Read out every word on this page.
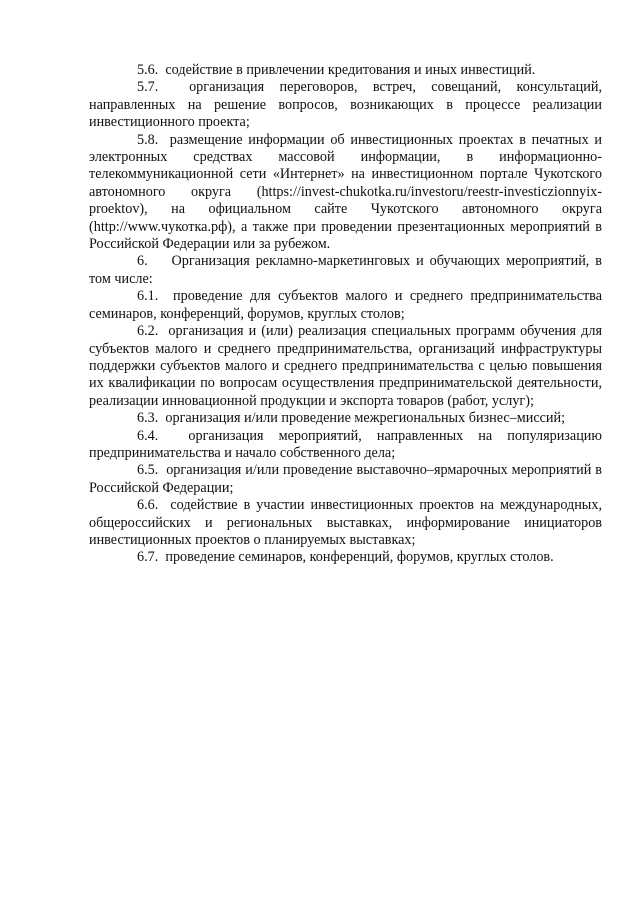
5.6.  содействие в привлечении кредитования и иных инвестиций.

5.7.  организация переговоров, встреч, совещаний, консультаций, направленных на решение вопросов, возникающих в процессе реализации инвестиционного проекта;

5.8.  размещение информации об инвестиционных проектах в печатных и электронных средствах массовой информации, в информационно-телекоммуникационной сети «Интернет» на инвестиционном портале Чукотского автономного округа (https://invest-chukotka.ru/investoru/reestr-investiczionnyix-proektov), на официальном сайте Чукотского автономного округа (http://www.чукотка.рф), а также при проведении презентационных мероприятий в Российской Федерации или за рубежом.

6.    Организация рекламно-маркетинговых и обучающих мероприятий, в том числе:

6.1.  проведение для субъектов малого и среднего предпринимательства семинаров, конференций, форумов, круглых столов;

6.2.  организация и (или) реализация специальных программ обучения для субъектов малого и среднего предпринимательства, организаций инфраструктуры поддержки субъектов малого и среднего предпринимательства с целью повышения их квалификации по вопросам осуществления предпринимательской деятельности, реализации инновационной продукции и экспорта товаров (работ, услуг);

6.3.  организация и/или проведение межрегиональных бизнес–миссий;

6.4.  организация мероприятий, направленных на популяризацию предпринимательства и начало собственного дела;

6.5.  организация и/или проведение выставочно–ярмарочных мероприятий в Российской Федерации;

6.6.  содействие в участии инвестиционных проектов на международных, общероссийских и региональных выставках, информирование инициаторов инвестиционных проектов о планируемых выставках;

6.7.  проведение семинаров, конференций, форумов, круглых столов.
